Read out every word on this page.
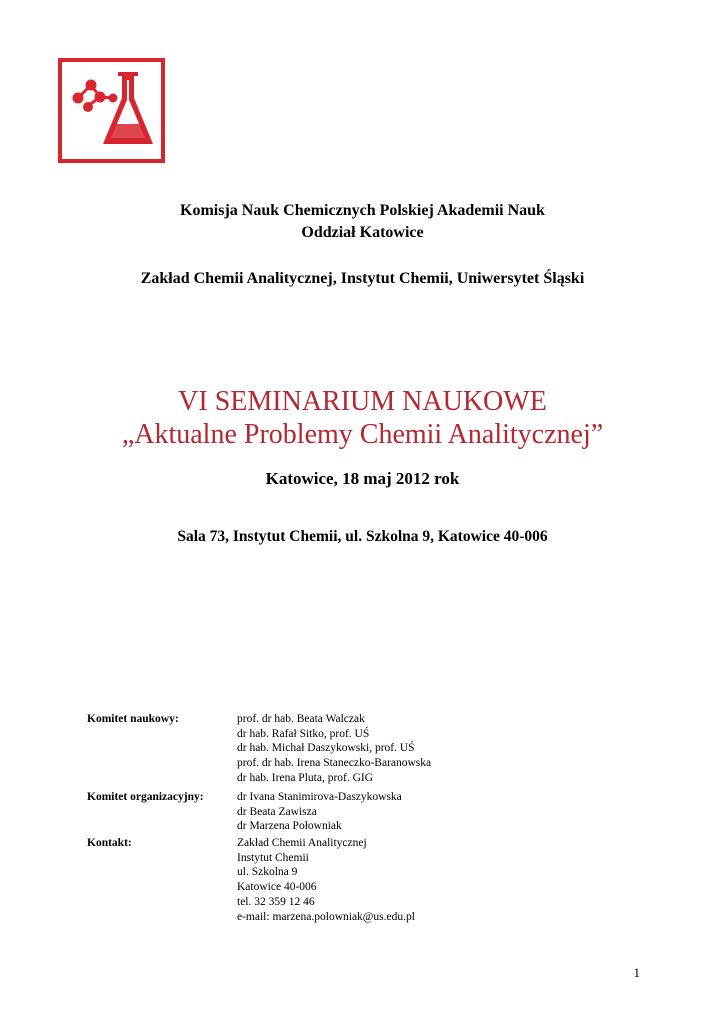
Komisja Nauk Chemicznych Polskiej Akademii Nauk
Oddział Katowice
Zakład Chemii Analitycznej, Instytut Chemii, Uniwersytet Śląski
VI SEMINARIUM NAUKOWE
„Aktualne Problemy Chemii Analitycznej”
Katowice, 18 maj 2012 rok
Sala 73, Instytut Chemii, ul. Szkolna 9, Katowice 40-006
Komitet naukowy:	prof. dr hab. Beata Walczak
dr hab. Rafał Sitko, prof. UŚ
dr hab. Michał Daszykowski, prof. UŚ
prof. dr hab. Irena Staneczko-Baranowska
dr hab. Irena Pluta, prof. GIG
Komitet organizacyjny:	dr Ivana Stanimirova-Daszykowska
dr Beata Zawisza
dr Marzena Połowniak
Kontakt:	Zakład Chemii Analitycznej
Instytut Chemii
ul. Szkolna 9
Katowice 40-006
tel. 32 359 12 46
e-mail: marzena.polowniak@us.edu.pl
1
